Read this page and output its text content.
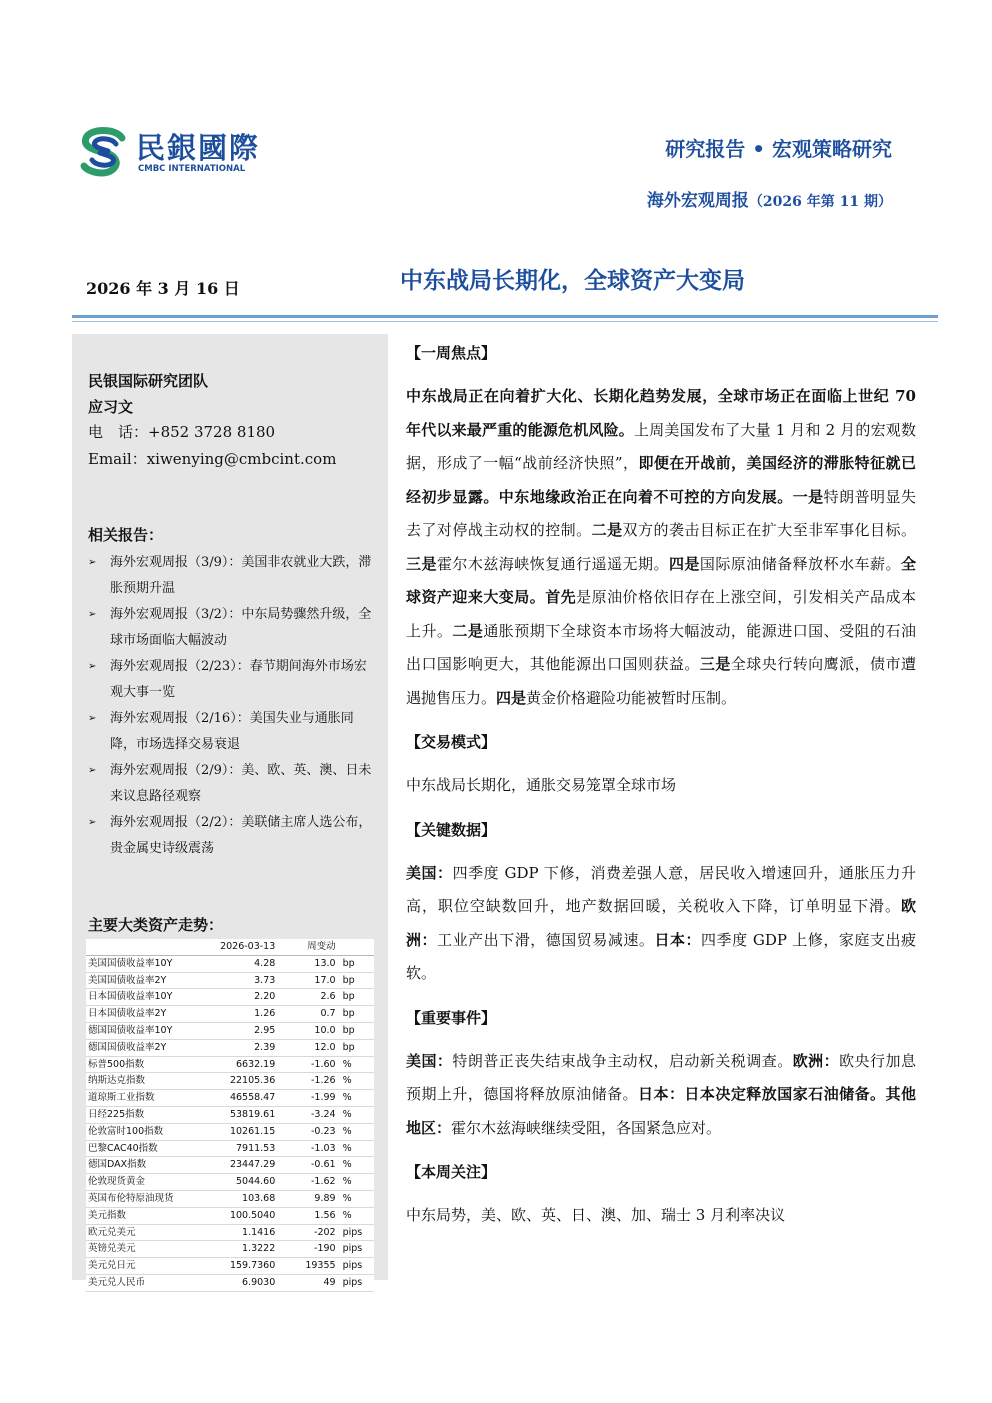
民銀國際
CMBC INTERNATIONAL
研究报告 • 宏观策略研究
海外宏观周报（2026 年第 11 期）
2026 年 3 月 16 日	中东战局长期化，全球资产大变局
民银国际研究团队
应习文
电　话：+852 3728 8180
Email：xiwenying@cmbcint.com
相关报告：
➢ 海外宏观周报（3/9）：美国非农就业大跌，滞胀预期升温
➢ 海外宏观周报（3/2）：中东局势骤然升级，全球市场面临大幅波动
➢ 海外宏观周报（2/23）：春节期间海外市场宏观大事一览
➢ 海外宏观周报（2/16）：美国失业与通胀同降，市场选择交易衰退
➢ 海外宏观周报（2/9）：美、欧、英、澳、日未来议息路径观察
➢ 海外宏观周报（2/2）：美联储主席人选公布，贵金属史诗级震荡
主要大类资产走势：
	2026-03-13	周变动	
美国国债收益率10Y	4.28	13.0	bp
美国国债收益率2Y	3.73	17.0	bp
日本国债收益率10Y	2.20	2.6	bp
日本国债收益率2Y	1.26	0.7	bp
德国国债收益率10Y	2.95	10.0	bp
德国国债收益率2Y	2.39	12.0	bp
标普500指数	6632.19	-1.60	%
纳斯达克指数	22105.36	-1.26	%
道琼斯工业指数	46558.47	-1.99	%
日经225指数	53819.61	-3.24	%
伦敦富时100指数	10261.15	-0.23	%
巴黎CAC40指数	7911.53	-1.03	%
德国DAX指数	23447.29	-0.61	%
伦敦现货黄金	5044.60	-1.62	%
英国布伦特原油现货	103.68	9.89	%
美元指数	100.5040	1.56	%
欧元兑美元	1.1416	-202	pips
英镑兑美元	1.3222	-190	pips
美元兑日元	159.7360	19355	pips
美元兑人民币	6.9030	49	pips
【一周焦点】

中东战局正在向着扩大化、长期化趋势发展，全球市场正在面临上世纪 70 年代以来最严重的能源危机风险。上周美国发布了大量 1 月和 2 月的宏观数据，形成了一幅“战前经济快照”，即便在开战前，美国经济的滞胀特征就已经初步显露。中东地缘政治正在向着不可控的方向发展。一是特朗普明显失去了对停战主动权的控制。二是双方的袭击目标正在扩大至非军事化目标。三是霍尔木兹海峡恢复通行遥遥无期。四是国际原油储备释放杯水车薪。全球资产迎来大变局。首先是原油价格依旧存在上涨空间，引发相关产品成本上升。二是通胀预期下全球资本市场将大幅波动，能源进口国、受阻的石油出口国影响更大，其他能源出口国则获益。三是全球央行转向鹰派，债市遭遇抛售压力。四是黄金价格避险功能被暂时压制。

【交易模式】

中东战局长期化，通胀交易笼罩全球市场

【关键数据】

美国：四季度 GDP 下修，消费差强人意，居民收入增速回升，通胀压力升高，职位空缺数回升，地产数据回暖，关税收入下降，订单明显下滑。欧洲：工业产出下滑，德国贸易减速。日本：四季度 GDP 上修，家庭支出疲软。

【重要事件】

美国：特朗普正丧失结束战争主动权，启动新关税调查。欧洲：欧央行加息预期上升，德国将释放原油储备。日本：日本决定释放国家石油储备。其他地区：霍尔木兹海峡继续受阻，各国紧急应对。

【本周关注】

中东局势，美、欧、英、日、澳、加、瑞士 3 月利率决议
